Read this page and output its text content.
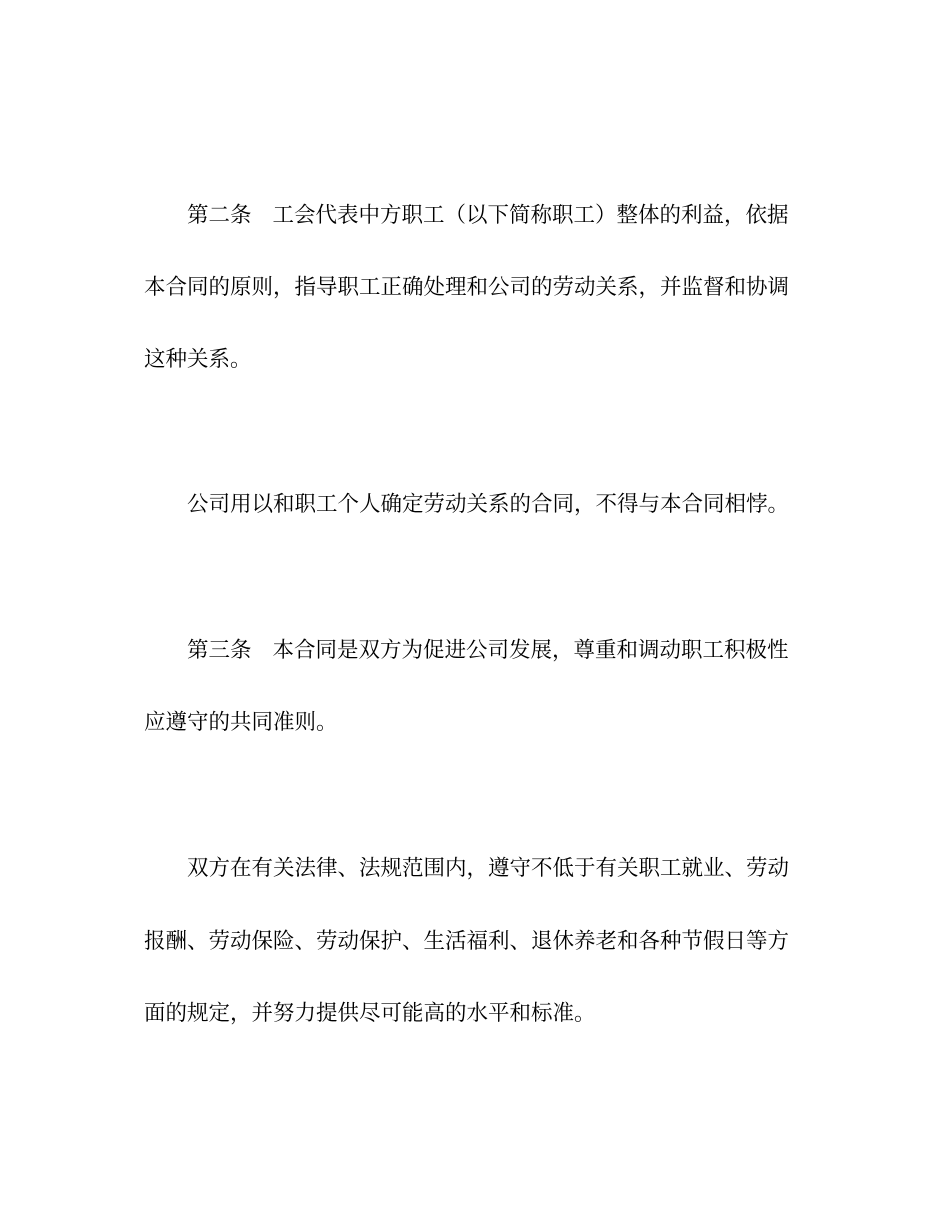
第二条 工会代表中方职工（以下简称职工）整体的利益，依据

本合同的原则，指导职工正确处理和公司的劳动关系，并监督和协调

这种关系。

公司用以和职工个人确定劳动关系的合同，不得与本合同相悖。

第三条 本合同是双方为促进公司发展，尊重和调动职工积极性

应遵守的共同准则。

双方在有关法律、法规范围内，遵守不低于有关职工就业、劳动

报酬、劳动保险、劳动保护、生活福利、退休养老和各种节假日等方

面的规定，并努力提供尽可能高的水平和标准。
